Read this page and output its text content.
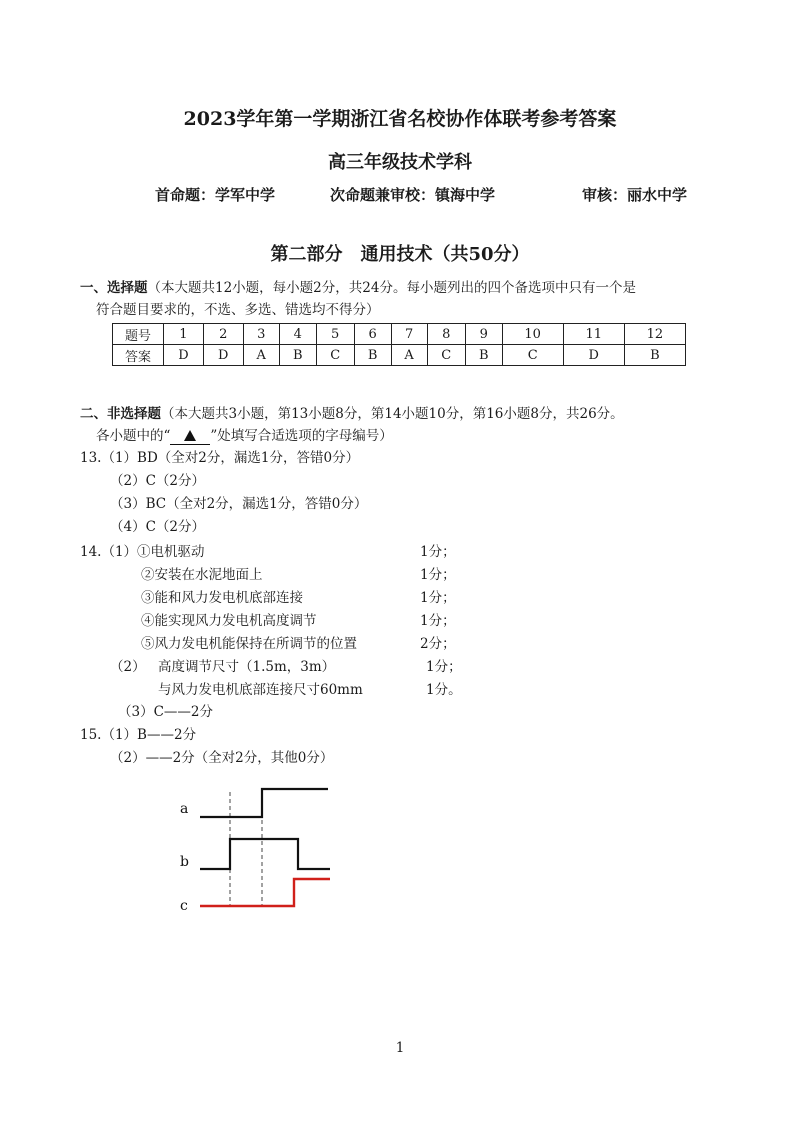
2023学年第一学期浙江省名校协作体联考参考答案
高三年级技术学科
首命题：学军中学	次命题兼审校：镇海中学	审核：丽水中学
第二部分　通用技术（共50分）
一、选择题（本大题共12小题，每小题2分，共24分。每小题列出的四个备选项中只有一个是
符合题目要求的，不选、多选、错选均不得分）
题号	1	2	3	4	5	6	7	8	9	10	11	12
答案	D	D	A	B	C	B	A	C	B	C	D	B
二、非选择题（本大题共3小题，第13小题8分，第14小题10分，第16小题8分，共26分。
各小题中的“	”处填写合适选项的字母编号）
13.（1）BD（全对2分，漏选1分，答错0分）
（2）C（2分）
（3）BC（全对2分，漏选1分，答错0分）
（4）C（2分）
14.（1）①电机驱动	1分；
②安装在水泥地面上	1分；
③能和风力发电机底部连接	1分；
④能实现风力发电机高度调节	1分；
⑤风力发电机能保持在所调节的位置	2分；
（2） 高度调节尺寸（1.5m，3m）	1分；
与风力发电机底部连接尺寸60mm	1分。
（3）C——2分
15.（1）B——2分
（2）——2分（全对2分，其他0分）
a
b
c
1
